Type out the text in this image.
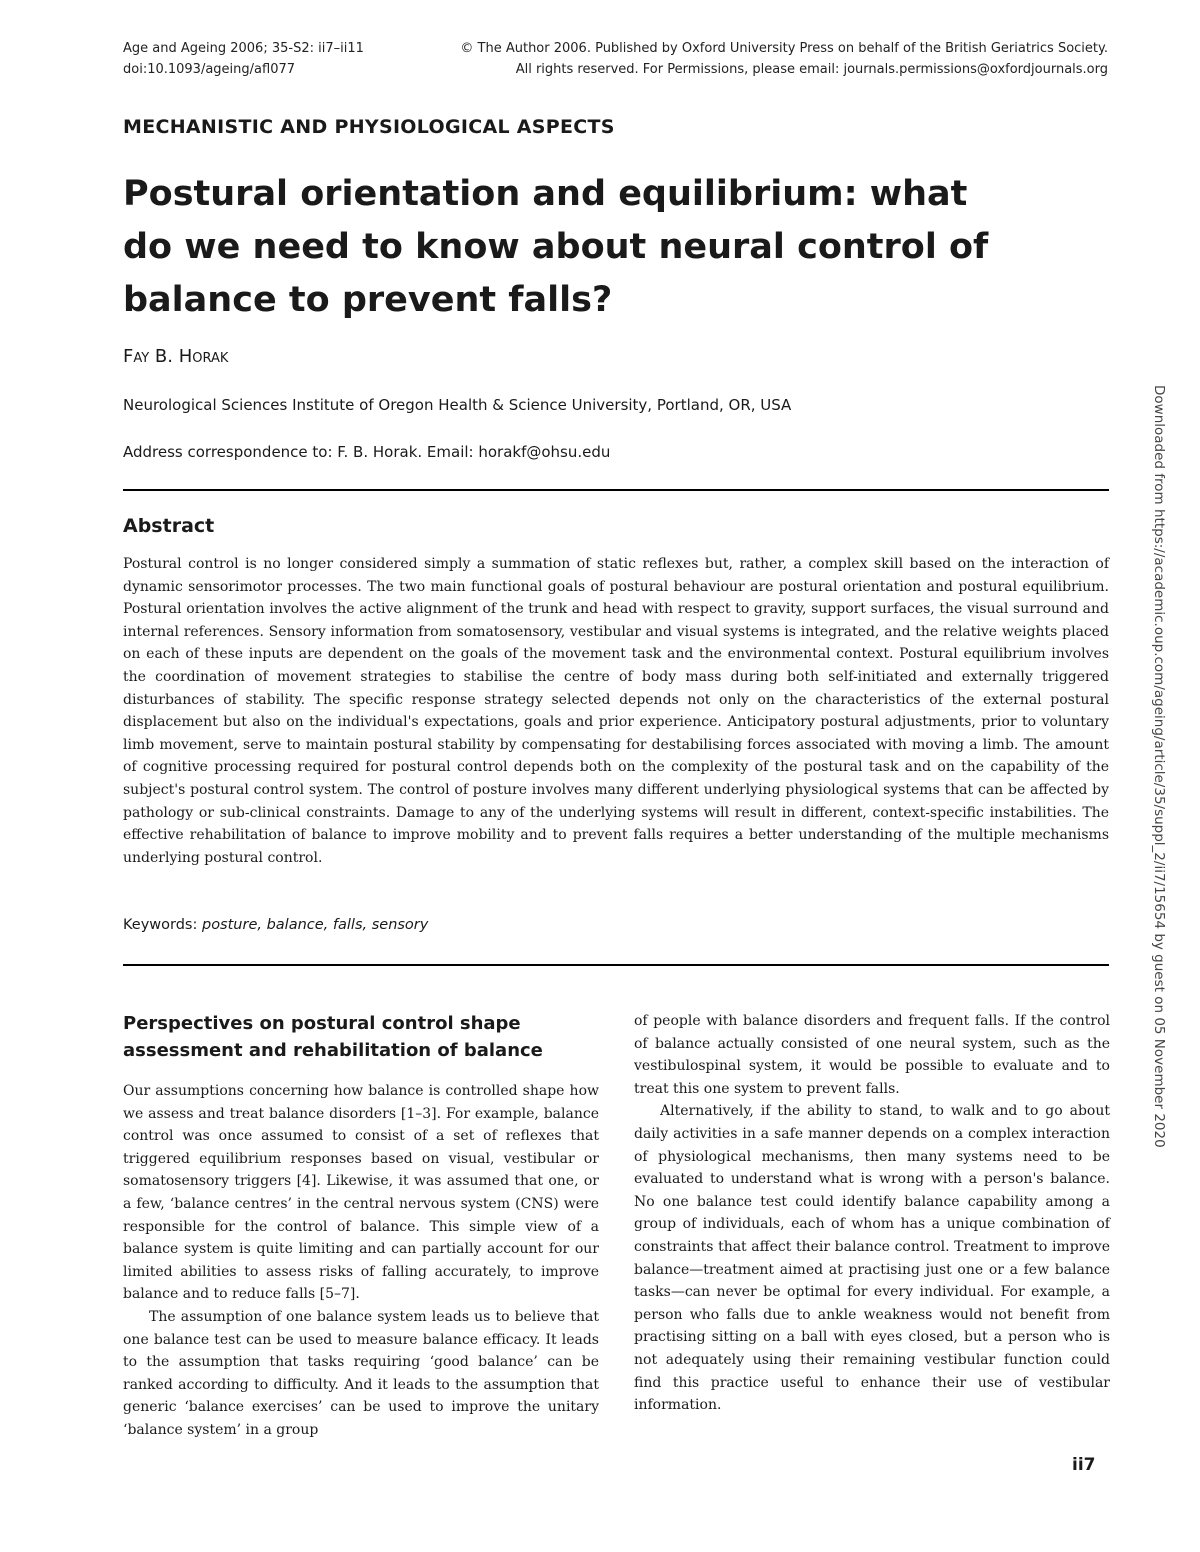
Age and Ageing 2006; 35-S2: ii7–ii11	© The Author 2006. Published by Oxford University Press on behalf of the British Geriatrics Society.
doi:10.1093/ageing/afl077	All rights reserved. For Permissions, please email: journals.permissions@oxfordjournals.org
MECHANISTIC AND PHYSIOLOGICAL ASPECTS
Postural orientation and equilibrium: what do we need to know about neural control of balance to prevent falls?
Fay B. Horak
Neurological Sciences Institute of Oregon Health & Science University, Portland, OR, USA
Address correspondence to: F. B. Horak. Email: horakf@ohsu.edu
Abstract
Postural control is no longer considered simply a summation of static reflexes but, rather, a complex skill based on the interaction of dynamic sensorimotor processes. The two main functional goals of postural behaviour are postural orientation and postural equilibrium. Postural orientation involves the active alignment of the trunk and head with respect to gravity, support surfaces, the visual surround and internal references. Sensory information from somatosensory, vestibular and visual systems is integrated, and the relative weights placed on each of these inputs are dependent on the goals of the movement task and the environmental context. Postural equilibrium involves the coordination of movement strategies to stabilise the centre of body mass during both self-initiated and externally triggered disturbances of stability. The specific response strategy selected depends not only on the characteristics of the external postural displacement but also on the individual's expectations, goals and prior experience. Anticipatory postural adjustments, prior to voluntary limb movement, serve to maintain postural stability by compensating for destabilising forces associated with moving a limb. The amount of cognitive processing required for postural control depends both on the complexity of the postural task and on the capability of the subject's postural control system. The control of posture involves many different underlying physiological systems that can be affected by pathology or sub-clinical constraints. Damage to any of the underlying systems will result in different, context-specific instabilities. The effective rehabilitation of balance to improve mobility and to prevent falls requires a better understanding of the multiple mechanisms underlying postural control.
Keywords: posture, balance, falls, sensory
Perspectives on postural control shape assessment and rehabilitation of balance

Our assumptions concerning how balance is controlled shape how we assess and treat balance disorders [1–3]. For example, balance control was once assumed to consist of a set of reflexes that triggered equilibrium responses based on visual, vestibular or somatosensory triggers [4]. Likewise, it was assumed that one, or a few, ‘balance centres’ in the central nervous system (CNS) were responsible for the control of balance. This simple view of a balance system is quite limiting and can partially account for our limited abilities to assess risks of falling accurately, to improve balance and to reduce falls [5–7].

The assumption of one balance system leads us to believe that one balance test can be used to measure balance efficacy. It leads to the assumption that tasks requiring ‘good balance’ can be ranked according to difficulty. And it leads to the assumption that generic ‘balance exercises’ can be used to improve the unitary ‘balance system’ in a group

of people with balance disorders and frequent falls. If the control of balance actually consisted of one neural system, such as the vestibulospinal system, it would be possible to evaluate and to treat this one system to prevent falls.

Alternatively, if the ability to stand, to walk and to go about daily activities in a safe manner depends on a complex interaction of physiological mechanisms, then many systems need to be evaluated to understand what is wrong with a person's balance. No one balance test could identify balance capability among a group of individuals, each of whom has a unique combination of constraints that affect their balance control. Treatment to improve balance—treatment aimed at practising just one or a few balance tasks—can never be optimal for every individual. For example, a person who falls due to ankle weakness would not benefit from practising sitting on a ball with eyes closed, but a person who is not adequately using their remaining vestibular function could find this practice useful to enhance their use of vestibular information.

Downloaded from https://academic.oup.com/ageing/article/35/suppl_2/ii7/15654 by guest on 05 November 2020
ii7
